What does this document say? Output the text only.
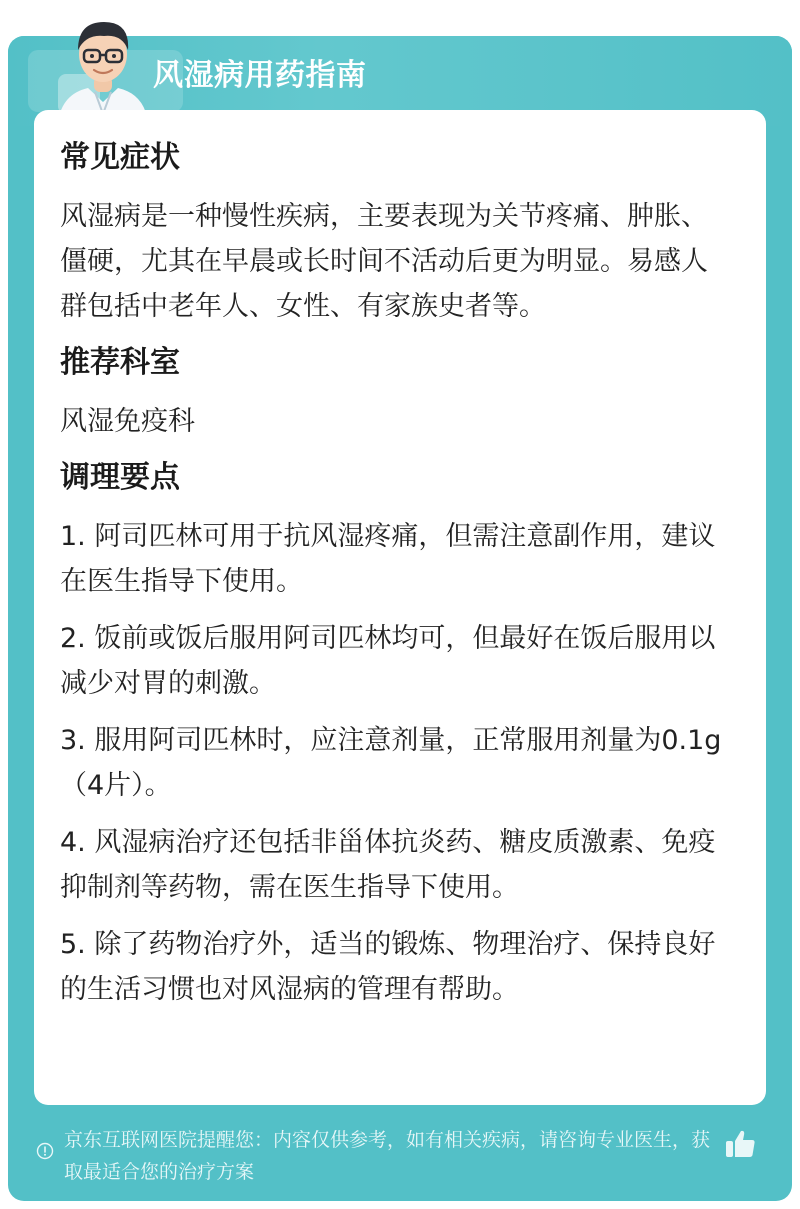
风湿病用药指南
常见症状

风湿病是一种慢性疾病，主要表现为关节疼痛、肿胀、僵硬，尤其在早晨或长时间不活动后更为明显。易感人群包括中老年人、女性、有家族史者等。

推荐科室

风湿免疫科

调理要点

1. 阿司匹林可用于抗风湿疼痛，但需注意副作用，建议在医生指导下使用。

2. 饭前或饭后服用阿司匹林均可，但最好在饭后服用以减少对胃的刺激。

3. 服用阿司匹林时，应注意剂量，正常服用剂量为0.1g（4片）。

4. 风湿病治疗还包括非甾体抗炎药、糖皮质激素、免疫抑制剂等药物，需在医生指导下使用。

5. 除了药物治疗外，适当的锻炼、物理治疗、保持良好的生活习惯也对风湿病的管理有帮助。

京东互联网医院提醒您：内容仅供参考，如有相关疾病，请咨询专业医生，获取最适合您的治疗方案
